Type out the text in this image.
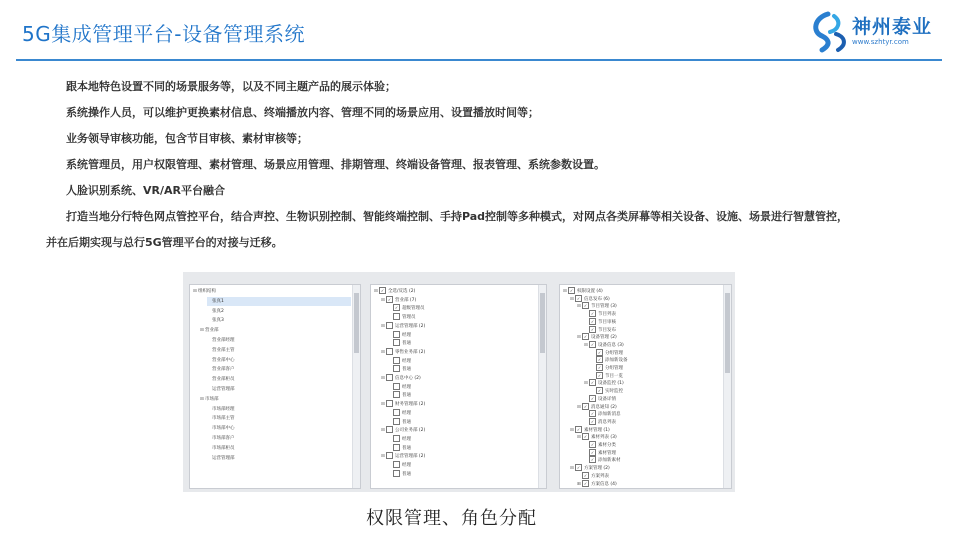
5G集成管理平台-设备管理系统	神州泰业
www.szhtyr.com

跟本地特色设置不同的场景服务等，以及不同主题产品的展示体验；

系统操作人员，可以维护更换素材信息、终端播放内容、管理不同的场景应用、设置播放时间等；

业务领导审核功能，包含节目审核、素材审核等；

系统管理员，用户权限管理、素材管理、场景应用管理、排期管理、终端设备管理、报表管理、系统参数设置。

人脸识别系统、VR/AR平台融合

打造当地分行特色网点管控平台，结合声控、生物识别控制、智能终端控制、手持Pad控制等多种模式，对网点各类屏幕等相关设备、设施、场景进行智慧管控，

并在后期实现与总行5G管理平台的对接与迁移。

⊟组织结构
张真1
张真2
张真3
⊟营业部
营业部经理
营业部主管
营业部中心
营业部客户
营业部柜员
运营管理部
⊟市场部
市场部经理
市场部主管
市场部中心
市场部客户
市场部柜员
运营管理部
⊟ ✓ 全选/反选 (2)
⊟ ✓ 营业部 (7)
✓ 超级管理员
管理员
⊟ 运营管理部 (2)
经理
普通
⊟ 零售业务部 (2)
经理
普通
⊟ 信息中心 (2)
经理
普通
⊟ 财务管理部 (2)
经理
普通
⊟ 公司业务部 (2)
经理
普通
⊟ 运营管理部 (2)
经理
普通
⊟ ✓ 权限设置 (4)
⊟ ✓ 信息发布 (6)
⊟ ✓ 节目管理 (3)
✓ 节目列表
✓ 节目审核
✓ 节目发布
⊟ ✓ 设备管理 (2)
⊟ ✓ 设备信息 (3)
✓ 分组管理
✓ 添加新设备
✓ 分组管理
✓ 节目一览
⊟ ✓ 设备监控 (1)
✓ 实时监控
✓ 设备详情
⊟ ✓ 消息通知 (2)
✓ 添加新消息
✓ 消息列表
⊟ ✓ 素材管理 (1)
⊟ ✓ 素材列表 (3)
✓ 素材分类
✓ 素材管理
✓ 添加新素材
⊟ ✓ 方案管理 (2)
✓ 方案列表
⊞ ✓ 方案信息 (4)
权限管理、角色分配
